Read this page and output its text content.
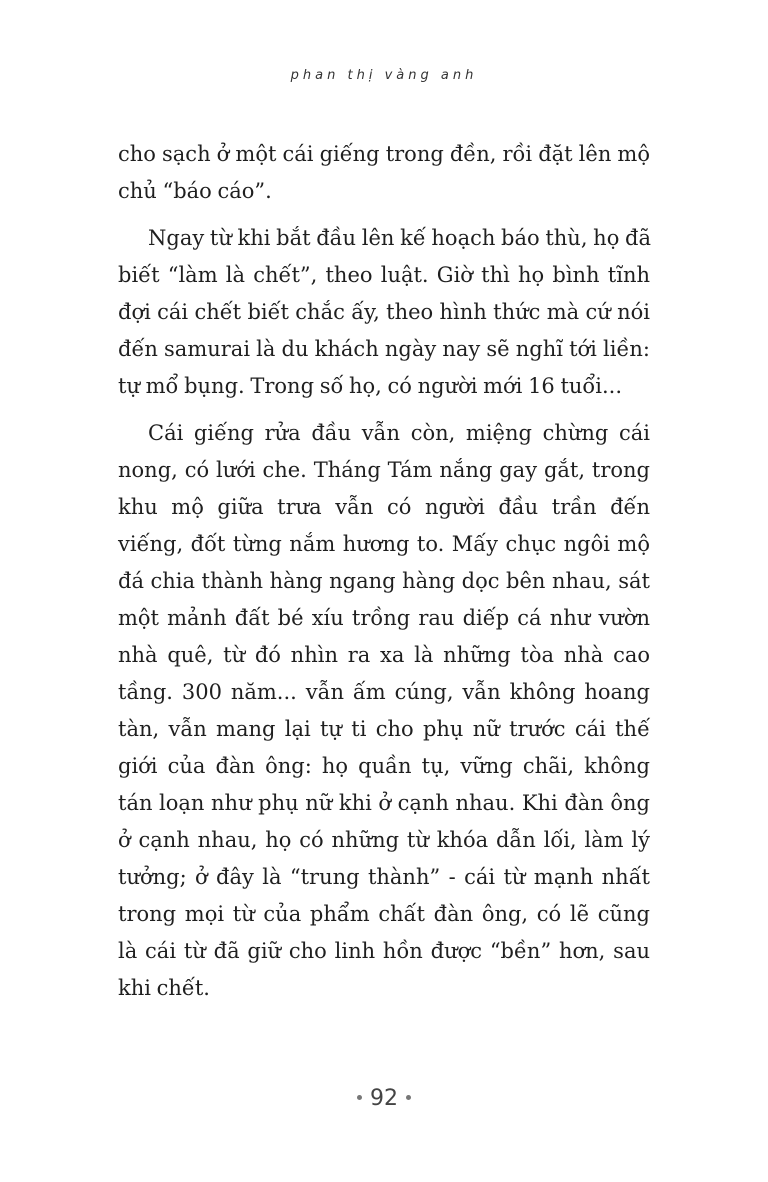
phan thị vàng anh

cho sạch ở một cái giếng trong đền, rồi đặt lên mộ
chủ “báo cáo”.

Ngay từ khi bắt đầu lên kế hoạch báo thù, họ đã
biết “làm là chết”, theo luật. Giờ thì họ bình tĩnh
đợi cái chết biết chắc ấy, theo hình thức mà cứ nói
đến samurai là du khách ngày nay sẽ nghĩ tới liền:
tự mổ bụng. Trong số họ, có người mới 16 tuổi...

Cái giếng rửa đầu vẫn còn, miệng chừng cái
nong, có lưới che. Tháng Tám nắng gay gắt, trong
khu mộ giữa trưa vẫn có người đầu trần đến
viếng, đốt từng nắm hương to. Mấy chục ngôi mộ
đá chia thành hàng ngang hàng dọc bên nhau, sát
một mảnh đất bé xíu trồng rau diếp cá như vườn
nhà quê, từ đó nhìn ra xa là những tòa nhà cao
tầng. 300 năm... vẫn ấm cúng, vẫn không hoang
tàn, vẫn mang lại tự ti cho phụ nữ trước cái thế
giới của đàn ông: họ quần tụ, vững chãi, không
tán loạn như phụ nữ khi ở cạnh nhau. Khi đàn ông
ở cạnh nhau, họ có những từ khóa dẫn lối, làm lý
tưởng; ở đây là “trung thành” - cái từ mạnh nhất
trong mọi từ của phẩm chất đàn ông, có lẽ cũng
là cái từ đã giữ cho linh hồn được “bền” hơn, sau
khi chết.

92
